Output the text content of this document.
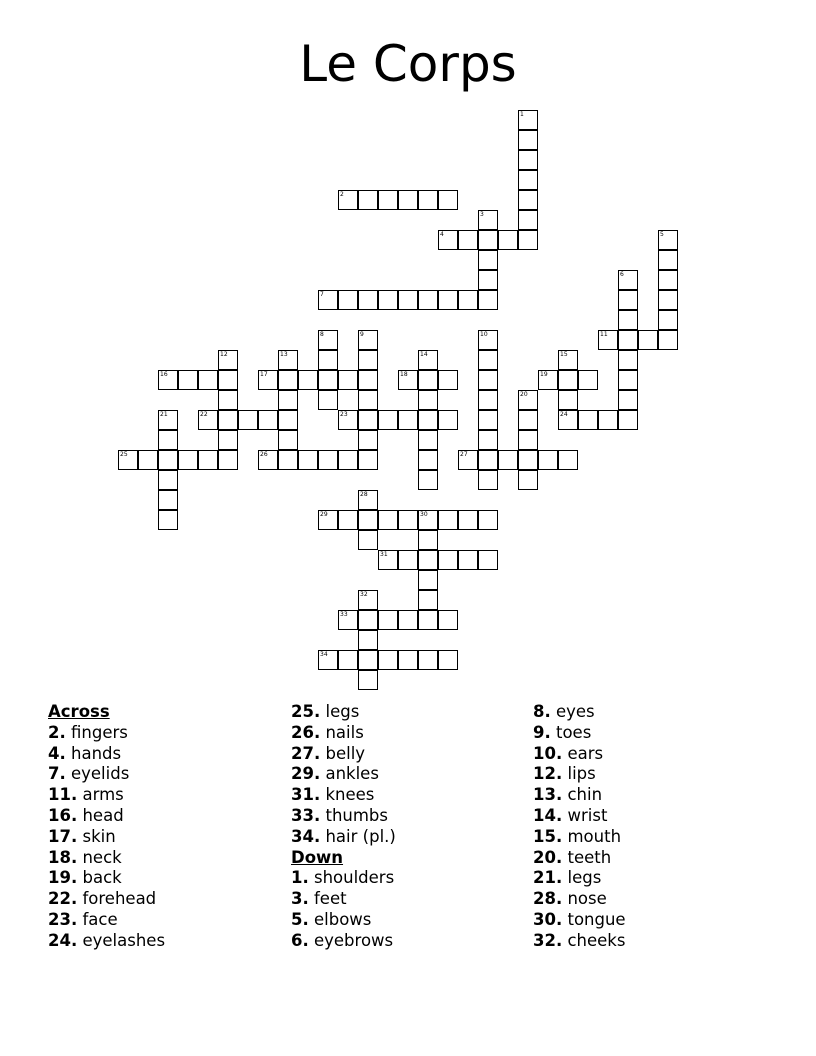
Le Corps
1
2
3
4	5
6
7
8	9	10	11
12	13	14	15
16	17	18	19
20
21	22	23	24
25	26	27
28
29	30
31
32
33
34
Across
2. fingers
4. hands
7. eyelids
11. arms
16. head
17. skin
18. neck
19. back
22. forehead
23. face
24. eyelashes
25. legs
26. nails
27. belly
29. ankles
31. knees
33. thumbs
34. hair (pl.)
Down
1. shoulders
3. feet
5. elbows
6. eyebrows
8. eyes
9. toes
10. ears
12. lips
13. chin
14. wrist
15. mouth
20. teeth
21. legs
28. nose
30. tongue
32. cheeks
